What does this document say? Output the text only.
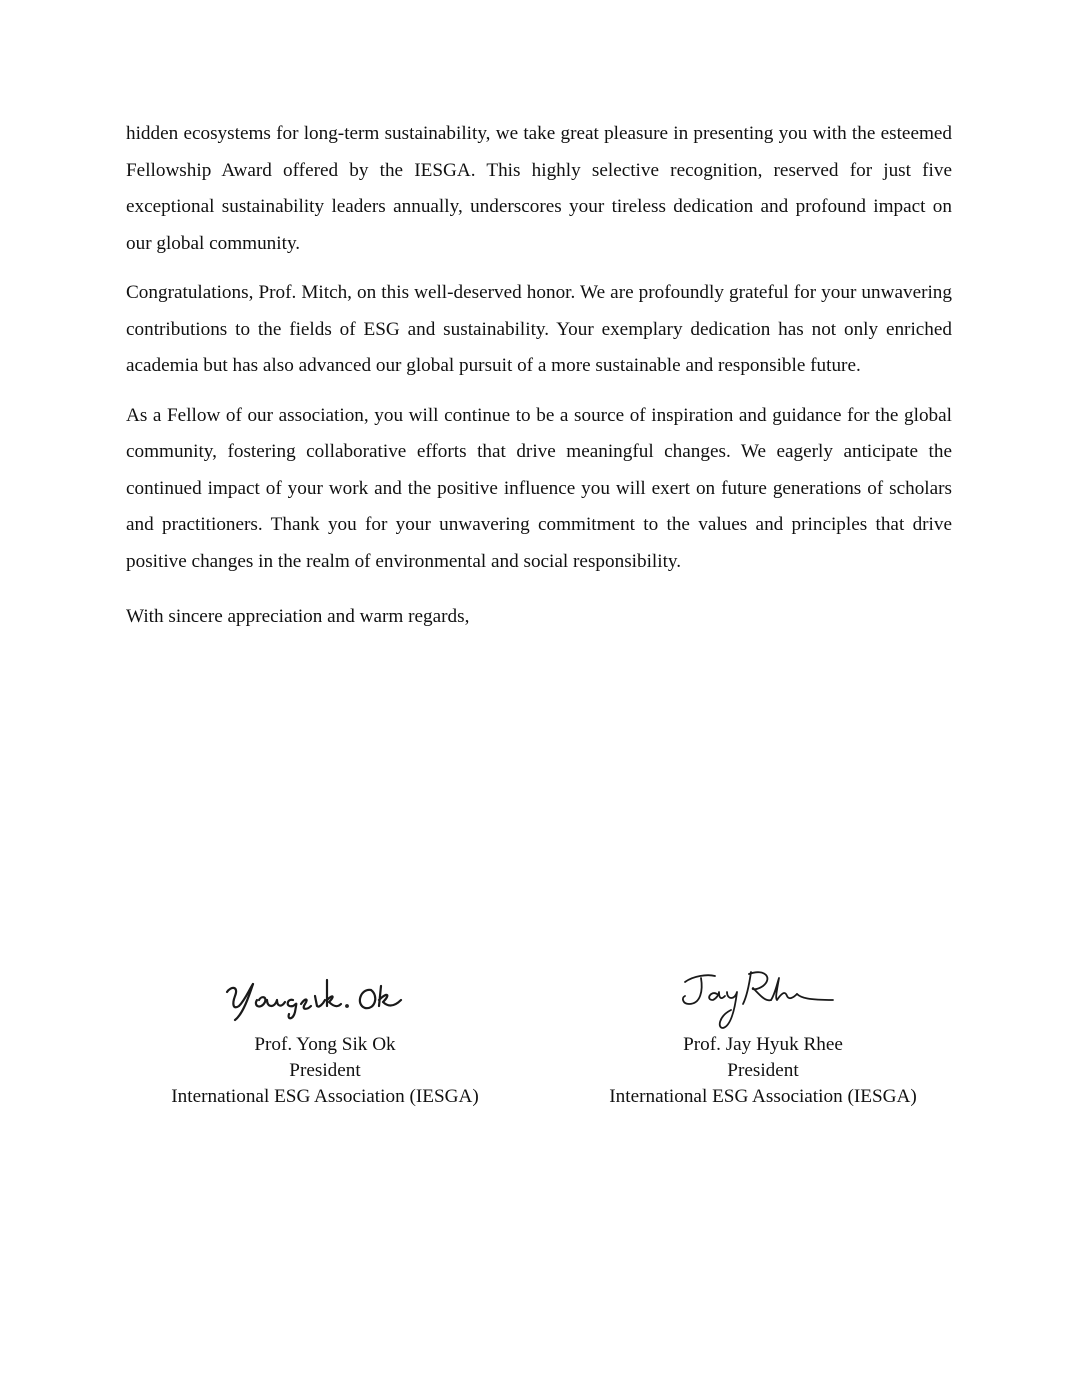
hidden ecosystems for long-term sustainability, we take great pleasure in presenting you with the esteemed Fellowship Award offered by the IESGA. This highly selective recognition, reserved for just five exceptional sustainability leaders annually, underscores your tireless dedication and profound impact on our global community.

Congratulations, Prof. Mitch, on this well-deserved honor. We are profoundly grateful for your unwavering contributions to the fields of ESG and sustainability. Your exemplary dedication has not only enriched academia but has also advanced our global pursuit of a more sustainable and responsible future.

As a Fellow of our association, you will continue to be a source of inspiration and guidance for the global community, fostering collaborative efforts that drive meaningful changes. We eagerly anticipate the continued impact of your work and the positive influence you will exert on future generations of scholars and practitioners. Thank you for your unwavering commitment to the values and principles that drive positive changes in the realm of environmental and social responsibility.

With sincere appreciation and warm regards,

Prof. Yong Sik Ok
President
International ESG Association (IESGA)
Prof. Jay Hyuk Rhee
President
International ESG Association (IESGA)
